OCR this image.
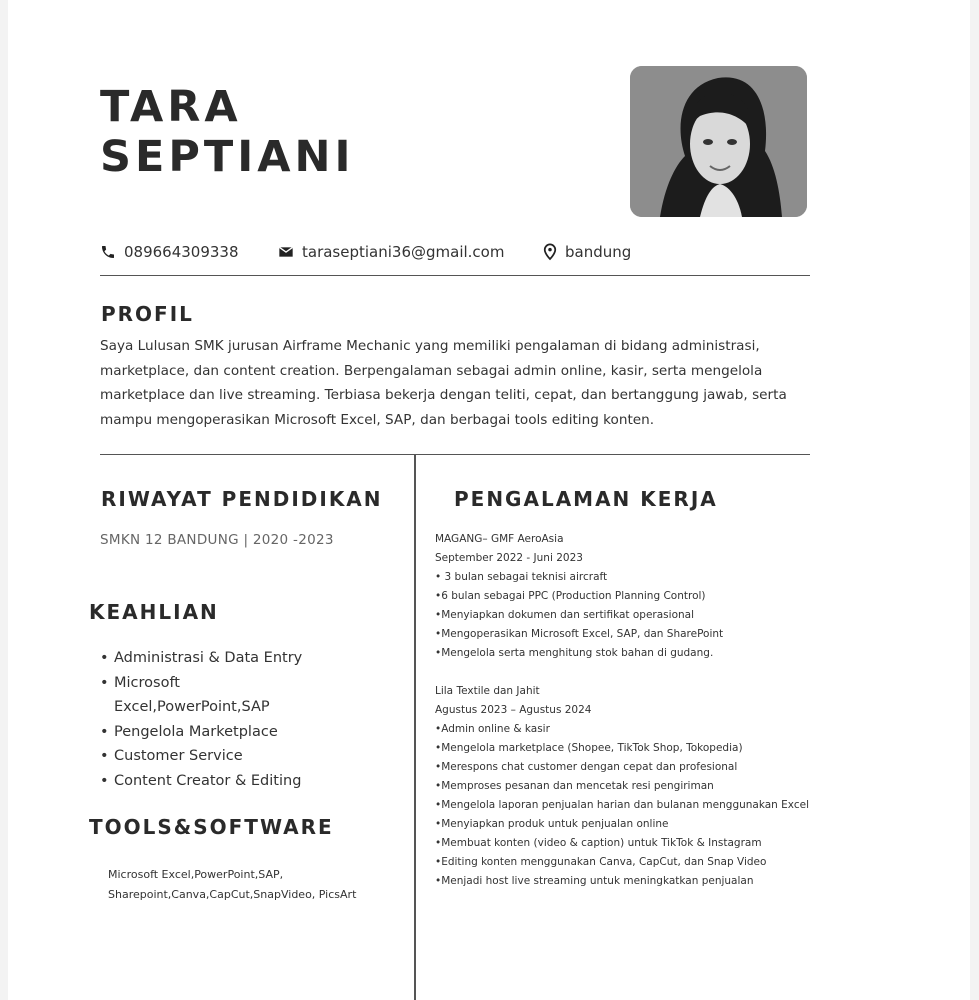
TARA
SEPTIANI
089664309338	taraseptiani36@gmail.com	bandung
PROFIL
Saya Lulusan SMK jurusan Airframe Mechanic yang memiliki pengalaman di bidang administrasi, marketplace, dan content creation. Berpengalaman sebagai admin online, kasir, serta mengelola marketplace dan live streaming. Terbiasa bekerja dengan teliti, cepat, dan bertanggung jawab, serta mampu mengoperasikan Microsoft Excel, SAP, dan berbagai tools editing konten.
RIWAYAT PENDIDIKAN
SMKN 12 BANDUNG | 2020 -2023
KEAHLIAN
• Administrasi & Data Entry
• Microsoft Excel,PowerPoint,SAP
• Pengelola Marketplace
• Customer Service
• Content Creator & Editing
TOOLS&SOFTWARE
Microsoft Excel,PowerPoint,SAP, Sharepoint,Canva,CapCut,SnapVideo, PicsArt
PENGALAMAN KERJA

MAGANG– GMF AeroAsia

September 2022 - Juni 2023

• 3 bulan sebagai teknisi aircraft

•6 bulan sebagai PPC (Production Planning Control)

•Menyiapkan dokumen dan sertifikat operasional

•Mengoperasikan Microsoft Excel, SAP, dan SharePoint

•Mengelola serta menghitung stok bahan di gudang.

Lila Textile dan Jahit

Agustus 2023 – Agustus 2024

•Admin online & kasir

•Mengelola marketplace (Shopee, TikTok Shop, Tokopedia)

•Merespons chat customer dengan cepat dan profesional

•Memproses pesanan dan mencetak resi pengiriman

•Mengelola laporan penjualan harian dan bulanan menggunakan Excel

•Menyiapkan produk untuk penjualan online

•Membuat konten (video & caption) untuk TikTok & Instagram

•Editing konten menggunakan Canva, CapCut, dan Snap Video

•Menjadi host live streaming untuk meningkatkan penjualan
